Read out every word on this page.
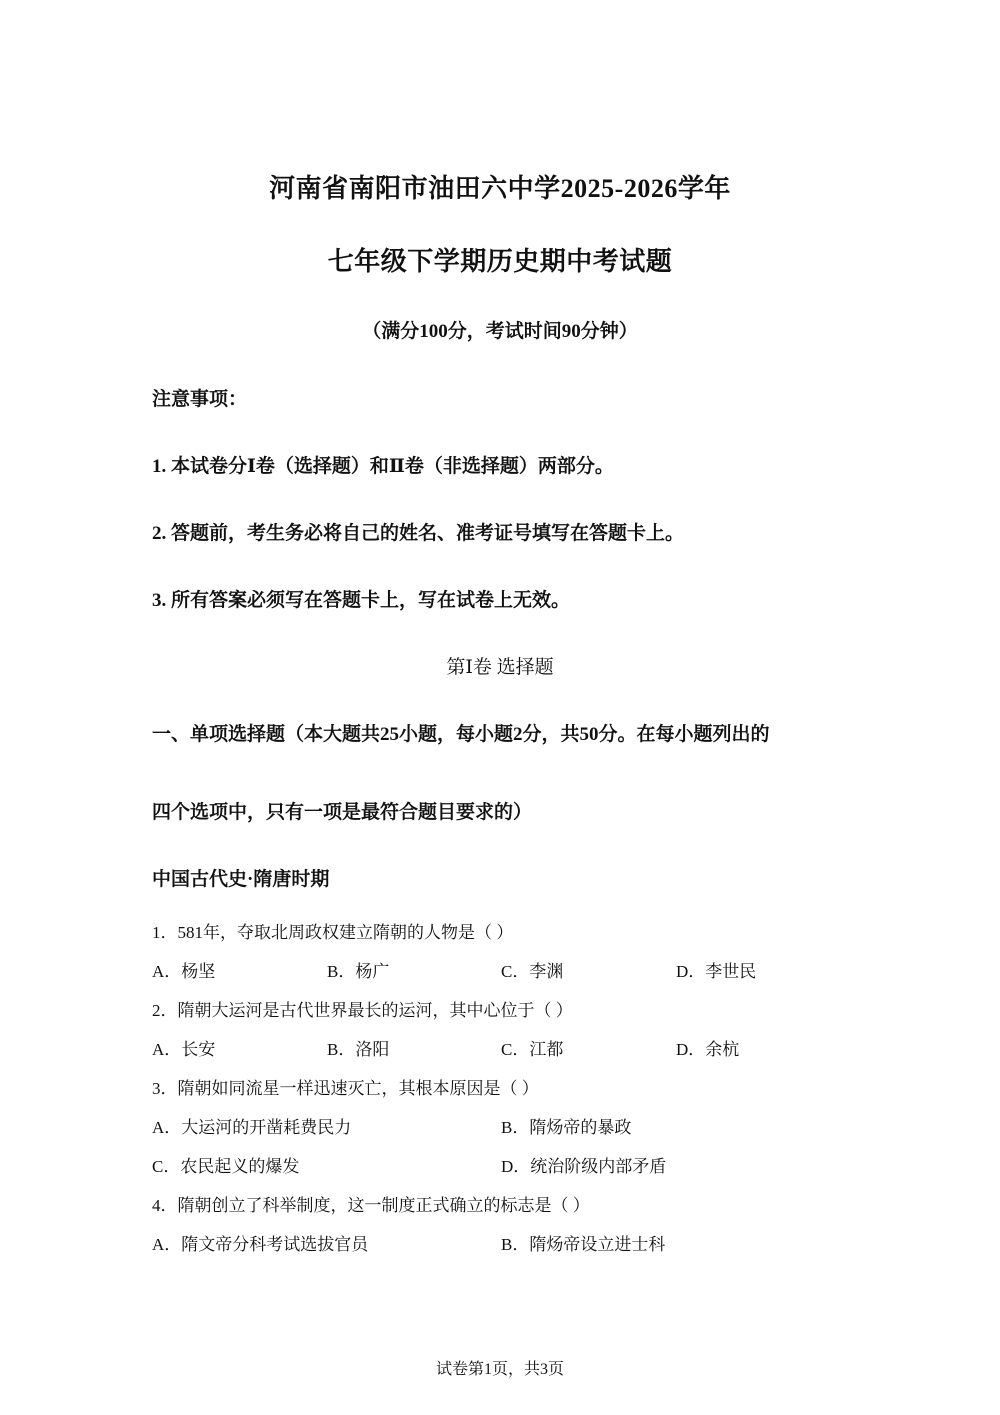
河南省南阳市油田六中学2025-2026学年
七年级下学期历史期中考试题
（满分100分，考试时间90分钟）
注意事项：
1. 本试卷分Ⅰ卷（选择题）和Ⅱ卷（非选择题）两部分。
2. 答题前，考生务必将自己的姓名、准考证号填写在答题卡上。
3. 所有答案必须写在答题卡上，写在试卷上无效。
第Ⅰ卷 选择题
一、单项选择题（本大题共25小题，每小题2分，共50分。在每小题列出的
四个选项中，只有一项是最符合题目要求的）
中国古代史·隋唐时期
1．581年，夺取北周政权建立隋朝的人物是（ ）
A．杨坚	B．杨广	C．李渊	D．李世民
2．隋朝大运河是古代世界最长的运河，其中心位于（ ）
A．长安	B．洛阳	C．江都	D．余杭
3．隋朝如同流星一样迅速灭亡，其根本原因是（ ）
A．大运河的开凿耗费民力	B．隋炀帝的暴政
C．农民起义的爆发	D．统治阶级内部矛盾
4．隋朝创立了科举制度，这一制度正式确立的标志是（ ）
A．隋文帝分科考试选拔官员	B．隋炀帝设立进士科
试卷第1页，共3页
